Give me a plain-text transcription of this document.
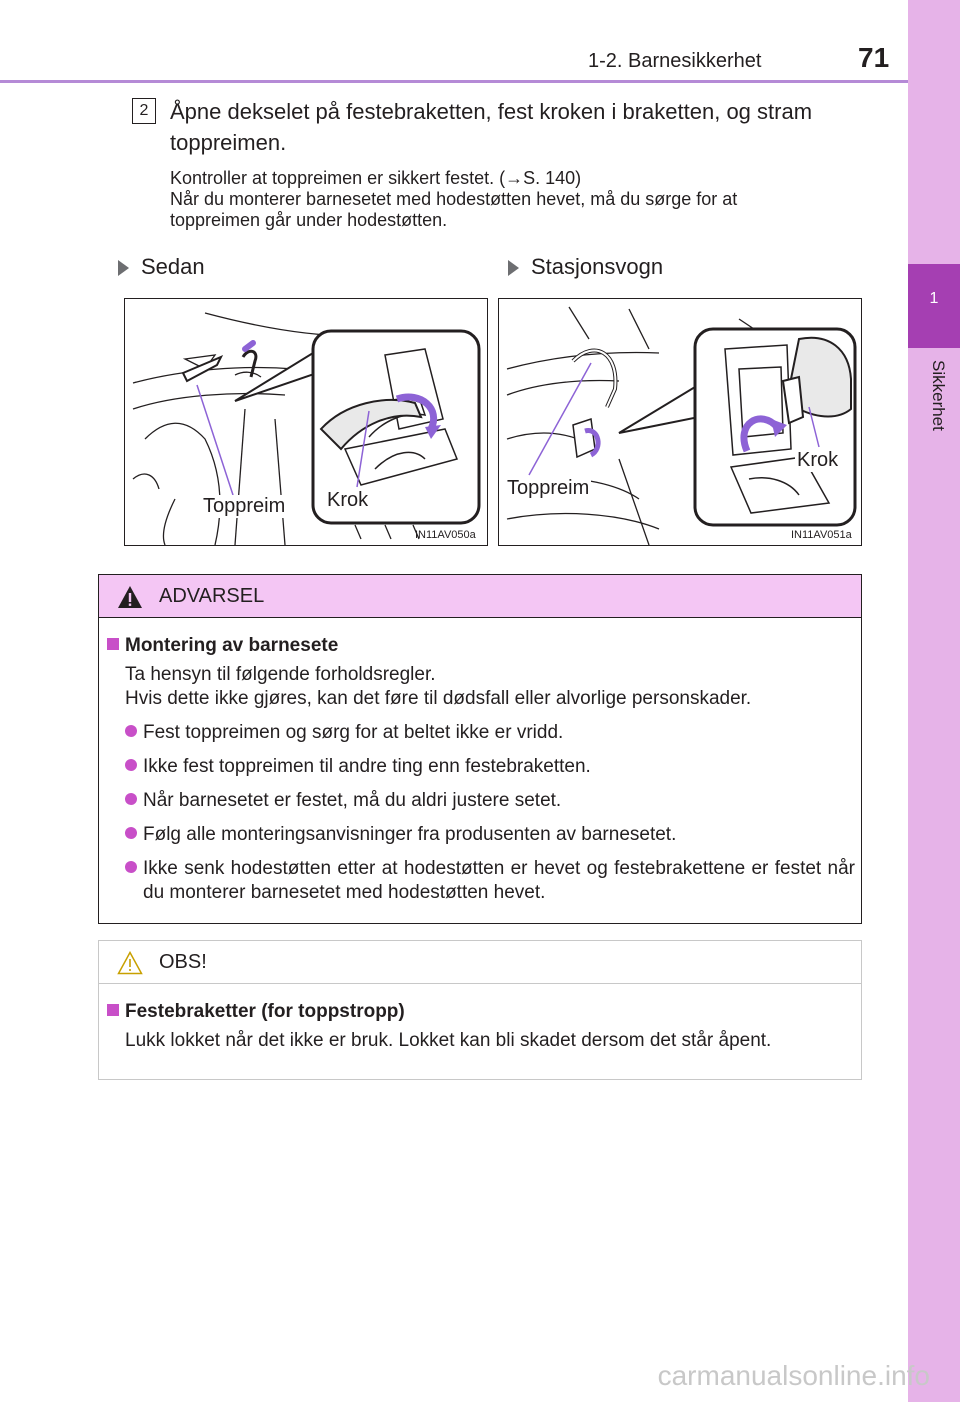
1
Sikkerhet
1-2. Barnesikkerhet	71
2 Åpne dekselet på festebraketten, fest kroken i braketten, og stram
toppreimen.
Kontroller at toppreimen er sikkert festet. (→S. 140)
Når du monterer barnesetet med hodestøtten hevet, må du sørge for at
toppreimen går under hodestøtten.
Sedan	Stasjonsvogn
Toppreim Krok
IN11AV050a
Toppreim
Krok
IN11AV051a
ADVARSEL
Montering av barnesete
Ta hensyn til følgende forholdsregler.
Hvis dette ikke gjøres, kan det føre til dødsfall eller alvorlige personskader.
Fest toppreimen og sørg for at beltet ikke er vridd.
Ikke fest toppreimen til andre ting enn festebraketten.
Når barnesetet er festet, må du aldri justere setet.
Følg alle monteringsanvisninger fra produsenten av barnesetet.
Ikke senk hodestøtten etter at hodestøtten er hevet og festebrakettene er festet når du monterer barnesetet med hodestøtten hevet.
OBS!
Festebraketter (for toppstropp)
Lukk lokket når det ikke er bruk. Lokket kan bli skadet dersom det står åpent.
carmanualsonline.info
